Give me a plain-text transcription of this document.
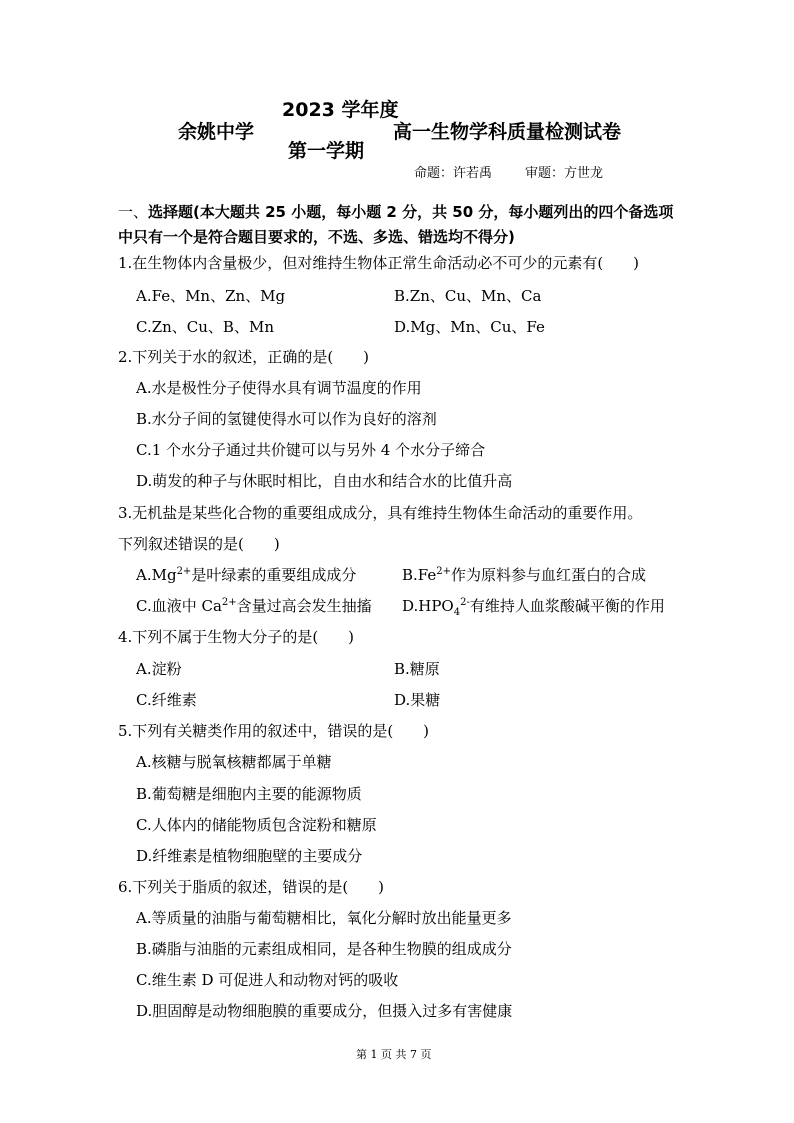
余姚中学
2023 学年度
第一学期
高一生物学科质量检测试卷
命题：许若禹	审题：方世龙
一、选择题(本大题共 25 小题，每小题 2 分，共 50 分，每小题列出的四个备选项中只有一个是符合题目要求的，不选、多选、错选均不得分)
1.在生物体内含量极少，但对维持生物体正常生命活动必不可少的元素有(　　)
A.Fe、Mn、Zn、Mg	B.Zn、Cu、Mn、Ca
C.Zn、Cu、B、Mn	D.Mg、Mn、Cu、Fe
2.下列关于水的叙述，正确的是(　　)
A.水是极性分子使得水具有调节温度的作用
B.水分子间的氢键使得水可以作为良好的溶剂
C.1 个水分子通过共价键可以与另外 4 个水分子缔合
D.萌发的种子与休眠时相比，自由水和结合水的比值升高
3.无机盐是某些化合物的重要组成成分，具有维持生物体生命活动的重要作用。
下列叙述错误的是(　　)
$A.Mg^{2+}$是叶绿素的重要组成成分	$B.Fe^{2+}$作为原料参与血红蛋白的合成
C.血液中 $Ca^{2+}$含量过高会发生抽搐 $D.HPO_4^{2-}$有维持人血浆酸碱平衡的作用
4.下列不属于生物大分子的是(　　)
A.淀粉	B.糖原
C.纤维素	D.果糖
5.下列有关糖类作用的叙述中，错误的是(　　)
A.核糖与脱氧核糖都属于单糖
B.葡萄糖是细胞内主要的能源物质
C.人体内的储能物质包含淀粉和糖原
D.纤维素是植物细胞壁的主要成分
6.下列关于脂质的叙述，错误的是(　　)
A.等质量的油脂与葡萄糖相比，氧化分解时放出能量更多
B.磷脂与油脂的元素组成相同，是各种生物膜的组成成分
C.维生素 D 可促进人和动物对钙的吸收
D.胆固醇是动物细胞膜的重要成分，但摄入过多有害健康
第 1 页 共 7 页
